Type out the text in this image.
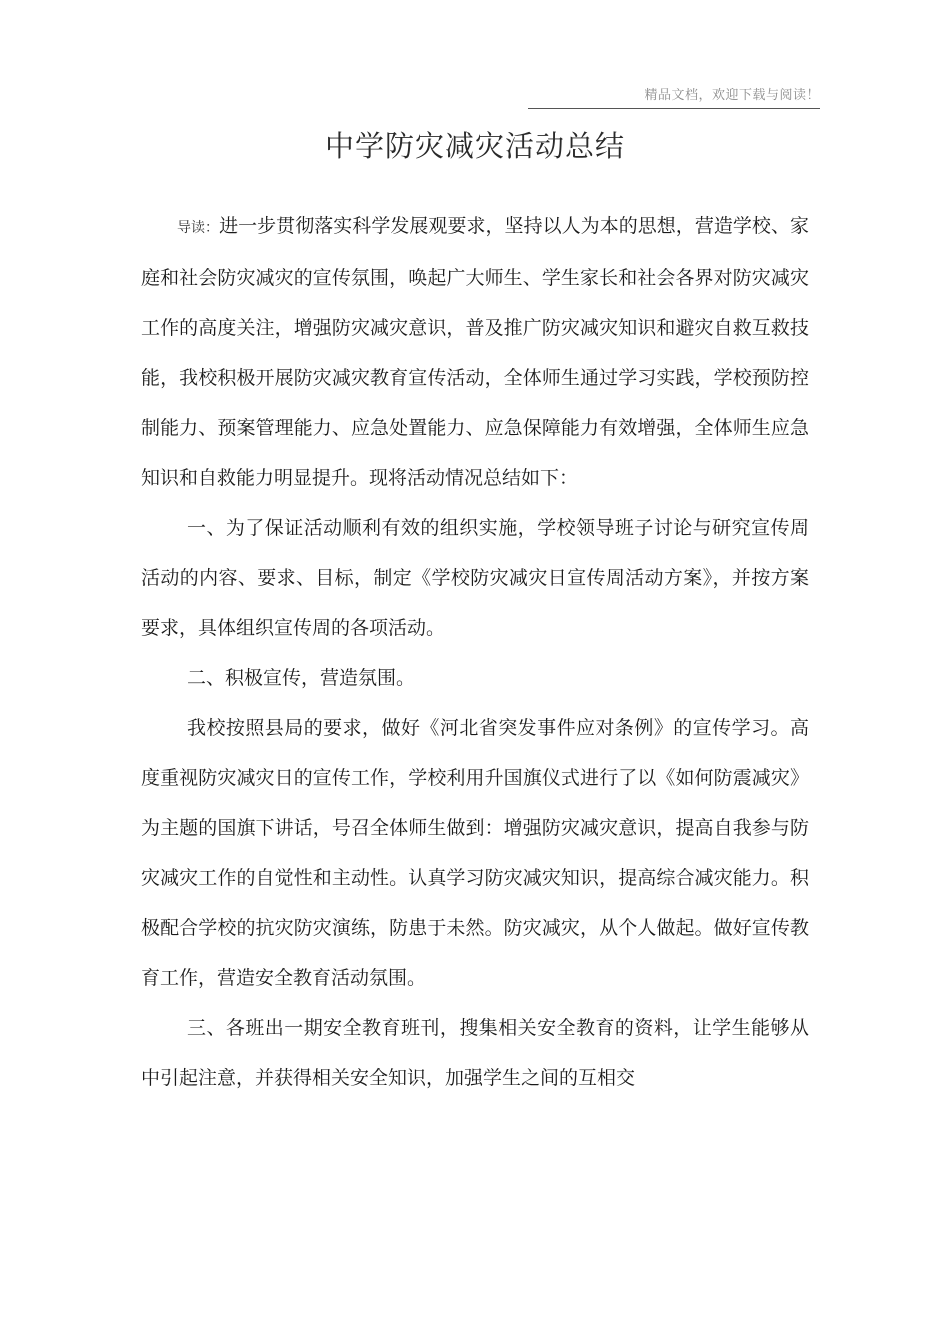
精品文档，欢迎下载与阅读！
中学防灾减灾活动总结

导读：进一步贯彻落实科学发展观要求，坚持以人为本的思想，营造学校、家庭和社会防灾减灾的宣传氛围，唤起广大师生、学生家长和社会各界对防灾减灾工作的高度关注，增强防灾减灾意识，普及推广防灾减灾知识和避灾自救互救技能，我校积极开展防灾减灾教育宣传活动，全体师生通过学习实践，学校预防控制能力、预案管理能力、应急处置能力、应急保障能力有效增强，全体师生应急知识和自救能力明显提升。现将活动情况总结如下：

一、为了保证活动顺利有效的组织实施，学校领导班子讨论与研究宣传周活动的内容、要求、目标，制定《学校防灾减灾日宣传周活动方案》，并按方案要求，具体组织宣传周的各项活动。

二、积极宣传，营造氛围。

我校按照县局的要求，做好《河北省突发事件应对条例》的宣传学习。高度重视防灾减灾日的宣传工作，学校利用升国旗仪式进行了以《如何防震减灾》为主题的国旗下讲话，号召全体师生做到：增强防灾减灾意识，提高自我参与防灾减灾工作的自觉性和主动性。认真学习防灾减灾知识，提高综合减灾能力。积极配合学校的抗灾防灾演练，防患于未然。防灾减灾，从个人做起。做好宣传教育工作，营造安全教育活动氛围。

三、各班出一期安全教育班刊，搜集相关安全教育的资料，让学生能够从中引起注意，并获得相关安全知识，加强学生之间的互相交
